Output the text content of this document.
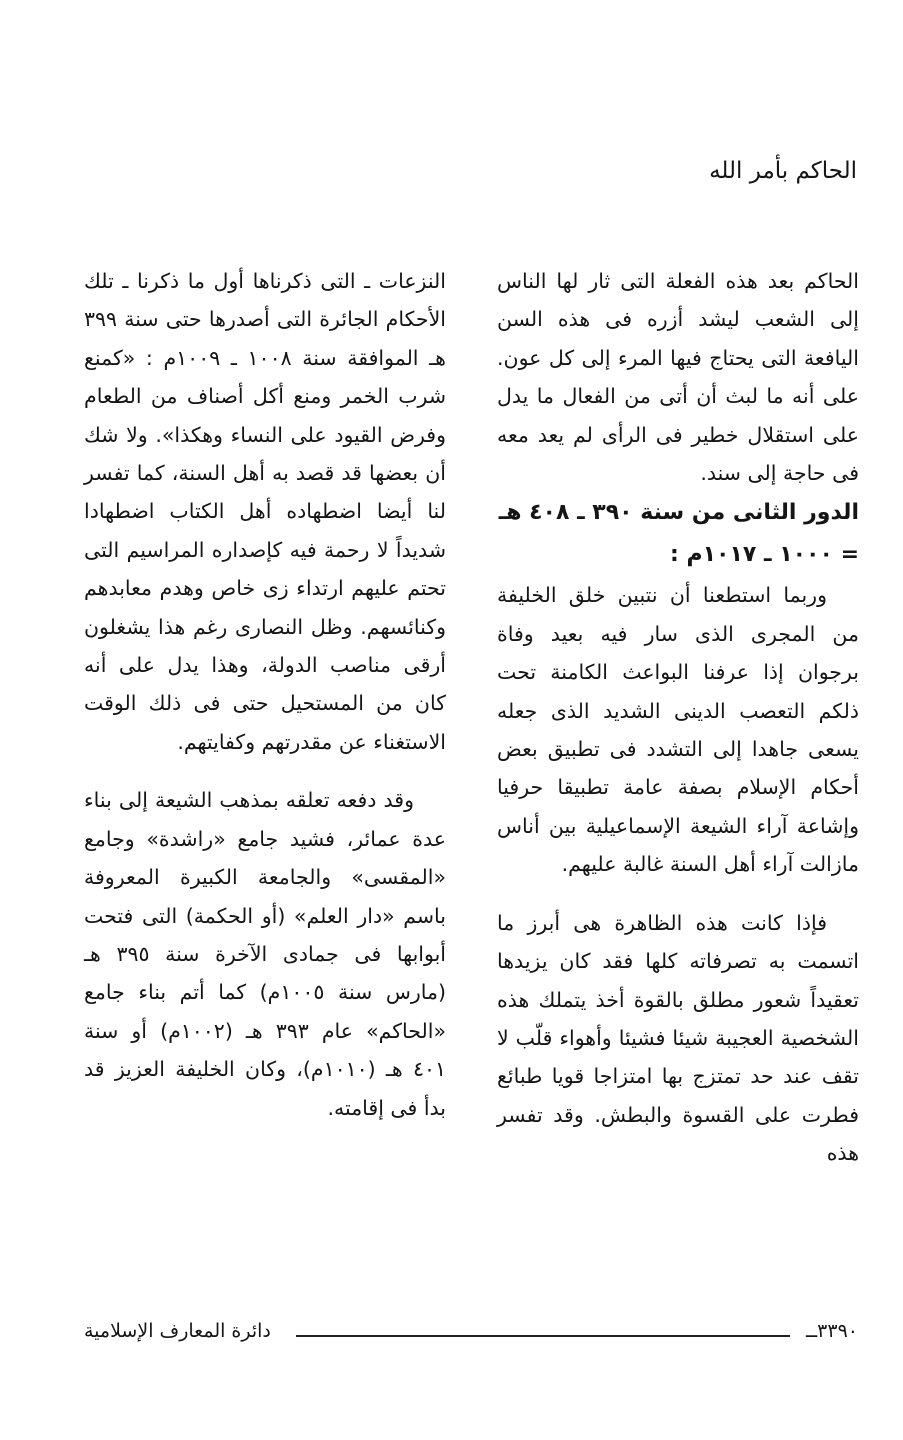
الحاكم بأمر الله

الحاكم بعد هذه الفعلة التى ثار لها الناس إلى الشعب ليشد أزره فى هذه السن اليافعة التى يحتاج فيها المرء إلى كل عون. على أنه ما لبث أن أتى من الفعال ما يدل على استقلال خطير فى الرأى لم يعد معه فى حاجة إلى سند.

الدور الثانى من سنة ٣٩٠ ـ ٤٠٨ هـ = ١٠٠٠ ـ ١٠١٧م :

وربما استطعنا أن نتبين خلق الخليفة من المجرى الذى سار فيه بعيد وفاة برجوان إذا عرفنا البواعث الكامنة تحت ذلكم التعصب الدينى الشديد الذى جعله يسعى جاهدا إلى التشدد فى تطبيق بعض أحكام الإسلام بصفة عامة تطبيقا حرفيا وإشاعة آراء الشيعة الإسماعيلية بين أناس مازالت آراء أهل السنة غالبة عليهم.

فإذا كانت هذه الظاهرة هى أبرز ما اتسمت به تصرفاته كلها فقد كان يزيدها تعقيداً شعور مطلق بالقوة أخذ يتملك هذه الشخصية العجيبة شيئا فشيئا وأهواء قلّب لا تقف عند حد تمتزج بها امتزاجا قويا طبائع فطرت على القسوة والبطش. وقد تفسر هذه

النزعات ـ التى ذكرناها أول ما ذكرنا ـ تلك الأحكام الجائرة التى أصدرها حتى سنة ٣٩٩ هـ الموافقة سنة ١٠٠٨ ـ ١٠٠٩م : «كمنع شرب الخمر ومنع أكل أصناف من الطعام وفرض القيود على النساء وهكذا». ولا شك أن بعضها قد قصد به أهل السنة، كما تفسر لنا أيضا اضطهاده أهل الكتاب اضطهادا شديداً لا رحمة فيه كإصداره المراسيم التى تحتم عليهم ارتداء زى خاص وهدم معابدهم وكنائسهم. وظل النصارى رغم هذا يشغلون أرقى مناصب الدولة، وهذا يدل على أنه كان من المستحيل حتى فى ذلك الوقت الاستغناء عن مقدرتهم وكفايتهم.

وقد دفعه تعلقه بمذهب الشيعة إلى بناء عدة عمائر، فشيد جامع «راشدة» وجامع «المقسى» والجامعة الكبيرة المعروفة باسم «دار العلم» (أو الحكمة) التى فتحت أبوابها فى جمادى الآخرة سنة ٣٩٥ هـ (مارس سنة ١٠٠٥م) كما أتم بناء جامع «الحاكم» عام ٣٩٣ هـ (١٠٠٢م) أو سنة ٤٠١ هـ (١٠١٠م)، وكان الخليفة العزيز قد بدأ فى إقامته.

دائرة المعارف الإسلامية	٣٣٩٠ــ
